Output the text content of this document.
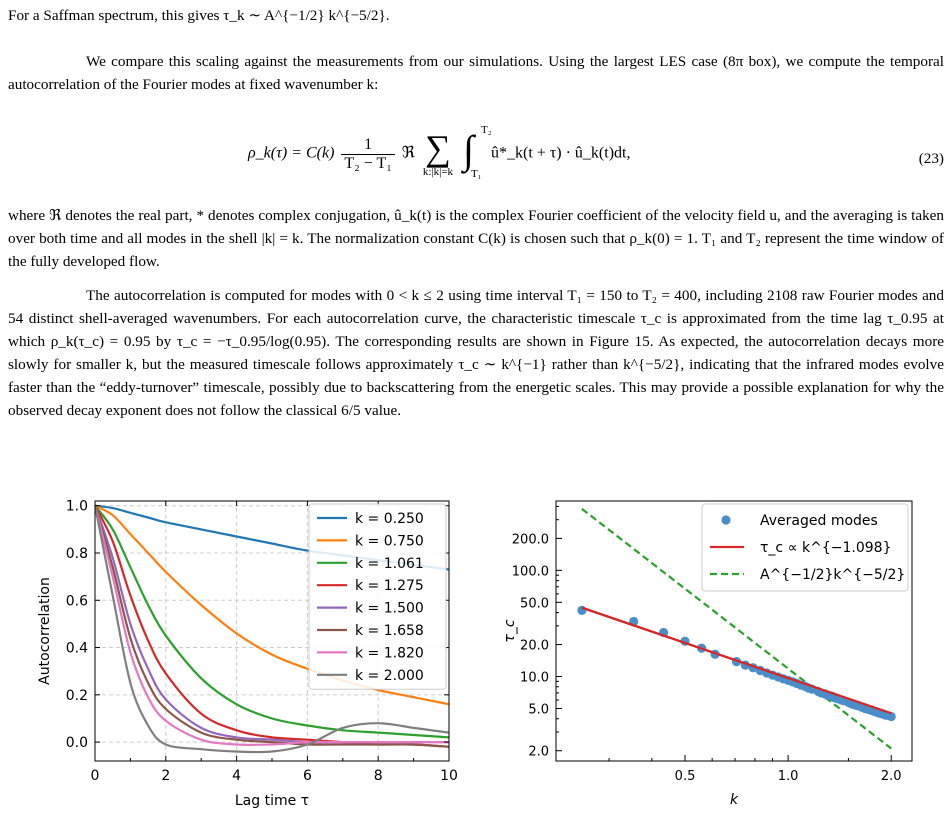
For a Saffman spectrum, this gives τ_k ∼ A^{−1/2} k^{−5/2}.
We compare this scaling against the measurements from our simulations. Using the largest LES case (8π box), we compute the temporal autocorrelation of the Fourier modes at fixed wavenumber k:
ρ_k(τ) = $C(k) \frac{1}{\text{T₂ − T₁}}$ ℜ ∑
k:|k|=k
∫ T₂
T₁
û*_k(t + τ) · û_k(t)dt,	(23)
where ℜ denotes the real part, * denotes complex conjugation, û_k(t) is the complex Fourier coefficient of the velocity field u, and the averaging is taken over both time and all modes in the shell |k| = k. The normalization constant C(k) is chosen such that ρ_k(0) = 1. T₁ and T₂ represent the time window of the fully developed flow.
The autocorrelation is computed for modes with 0 < k ≤ 2 using time interval T₁ = 150 to T₂ = 400, including 2108 raw Fourier modes and 54 distinct shell-averaged wavenumbers. For each autocorrelation curve, the characteristic timescale τ_c is approximated from the time lag τ_0.95 at which ρ_k(τ_c) = 0.95 by τ_c = −τ_0.95/log(0.95). The corresponding results are shown in Figure 15. As expected, the autocorrelation decays more slowly for smaller k, but the measured timescale follows approximately τ_c ∼ k^{−1} rather than k^{−5/2}, indicating that the infrared modes evolve faster than the “eddy-turnover” timescale, possibly due to backscattering from the energetic scales. This may provide a possible explanation for why the observed decay exponent does not follow the classical 6/5 value.
0	2	4	6	8	10
0.0
0.2
0.4
0.6
0.8
1.0
Lag time τ
Autocorrelation
k = 0.250
k = 0.750
k = 1.061
k = 1.275
k = 1.500
k = 1.658
k = 1.820
k = 2.000
0.5	1.0	2.0
2.0
5.0
10.0
20.0
50.0
100.0
200.0
k
τ_c
Averaged modes
τ_c ∝ k^{−1.098}
A^{−1/2}k^{−5/2}
